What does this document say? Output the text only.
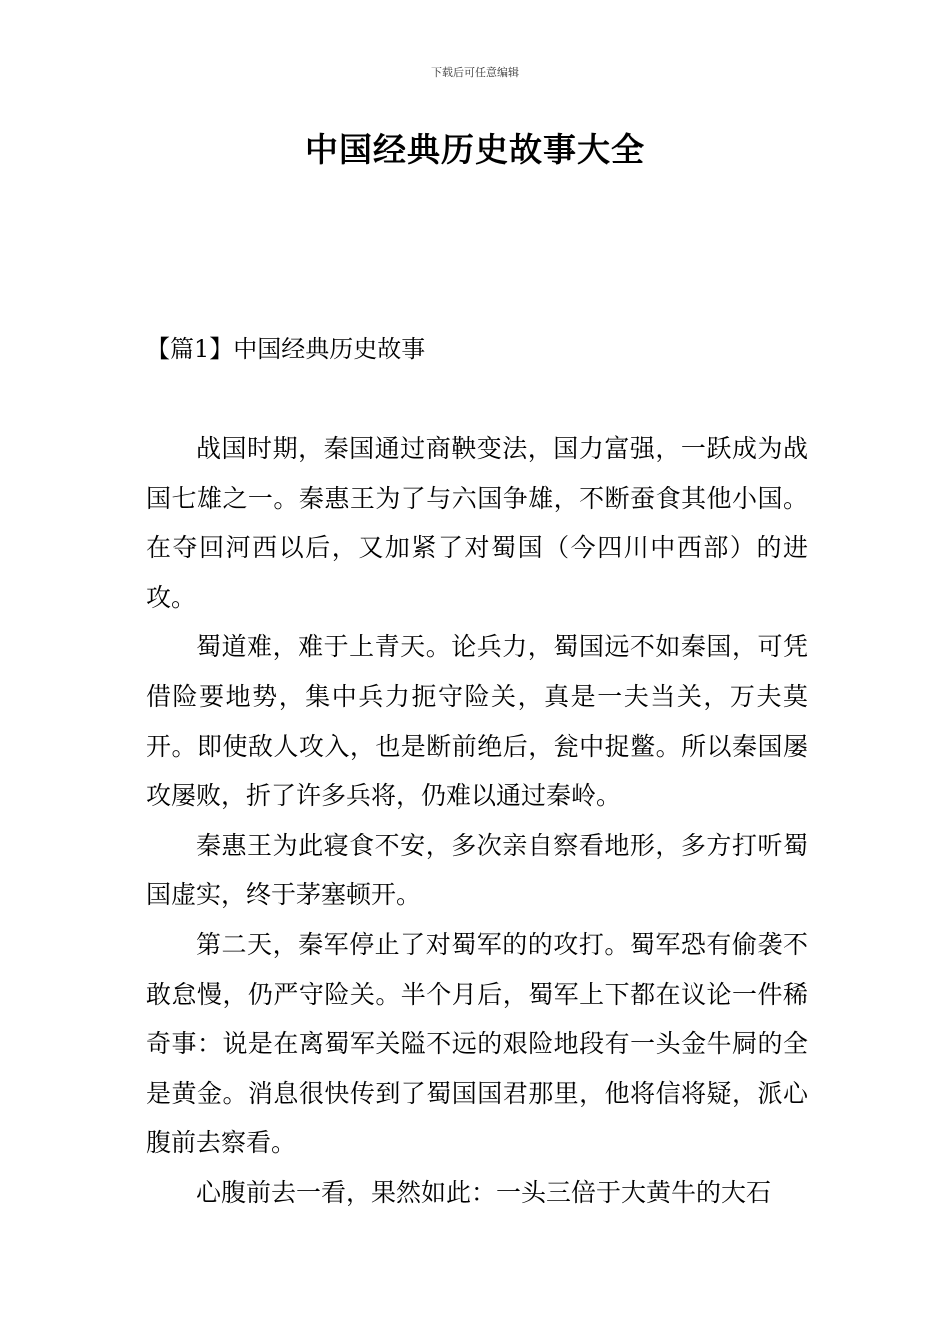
下载后可任意编辑
中国经典历史故事大全
【篇1】中国经典历史故事

战国时期，秦国通过商鞅变法，国力富强，一跃成为战国七雄之一。秦惠王为了与六国争雄，不断蚕食其他小国。在夺回河西以后，又加紧了对蜀国（今四川中西部）的进攻。

蜀道难，难于上青天。论兵力，蜀国远不如秦国，可凭借险要地势，集中兵力扼守险关，真是一夫当关，万夫莫开。即使敌人攻入，也是断前绝后，瓮中捉鳖。所以秦国屡攻屡败，折了许多兵将，仍难以通过秦岭。

秦惠王为此寝食不安，多次亲自察看地形，多方打听蜀国虚实，终于茅塞顿开。

第二天，秦军停止了对蜀军的的攻打。蜀军恐有偷袭不敢怠慢，仍严守险关。半个月后，蜀军上下都在议论一件稀奇事：说是在离蜀军关隘不远的艰险地段有一头金牛屙的全是黄金。消息很快传到了蜀国国君那里，他将信将疑，派心腹前去察看。

心腹前去一看，果然如此：一头三倍于大黄牛的大石
